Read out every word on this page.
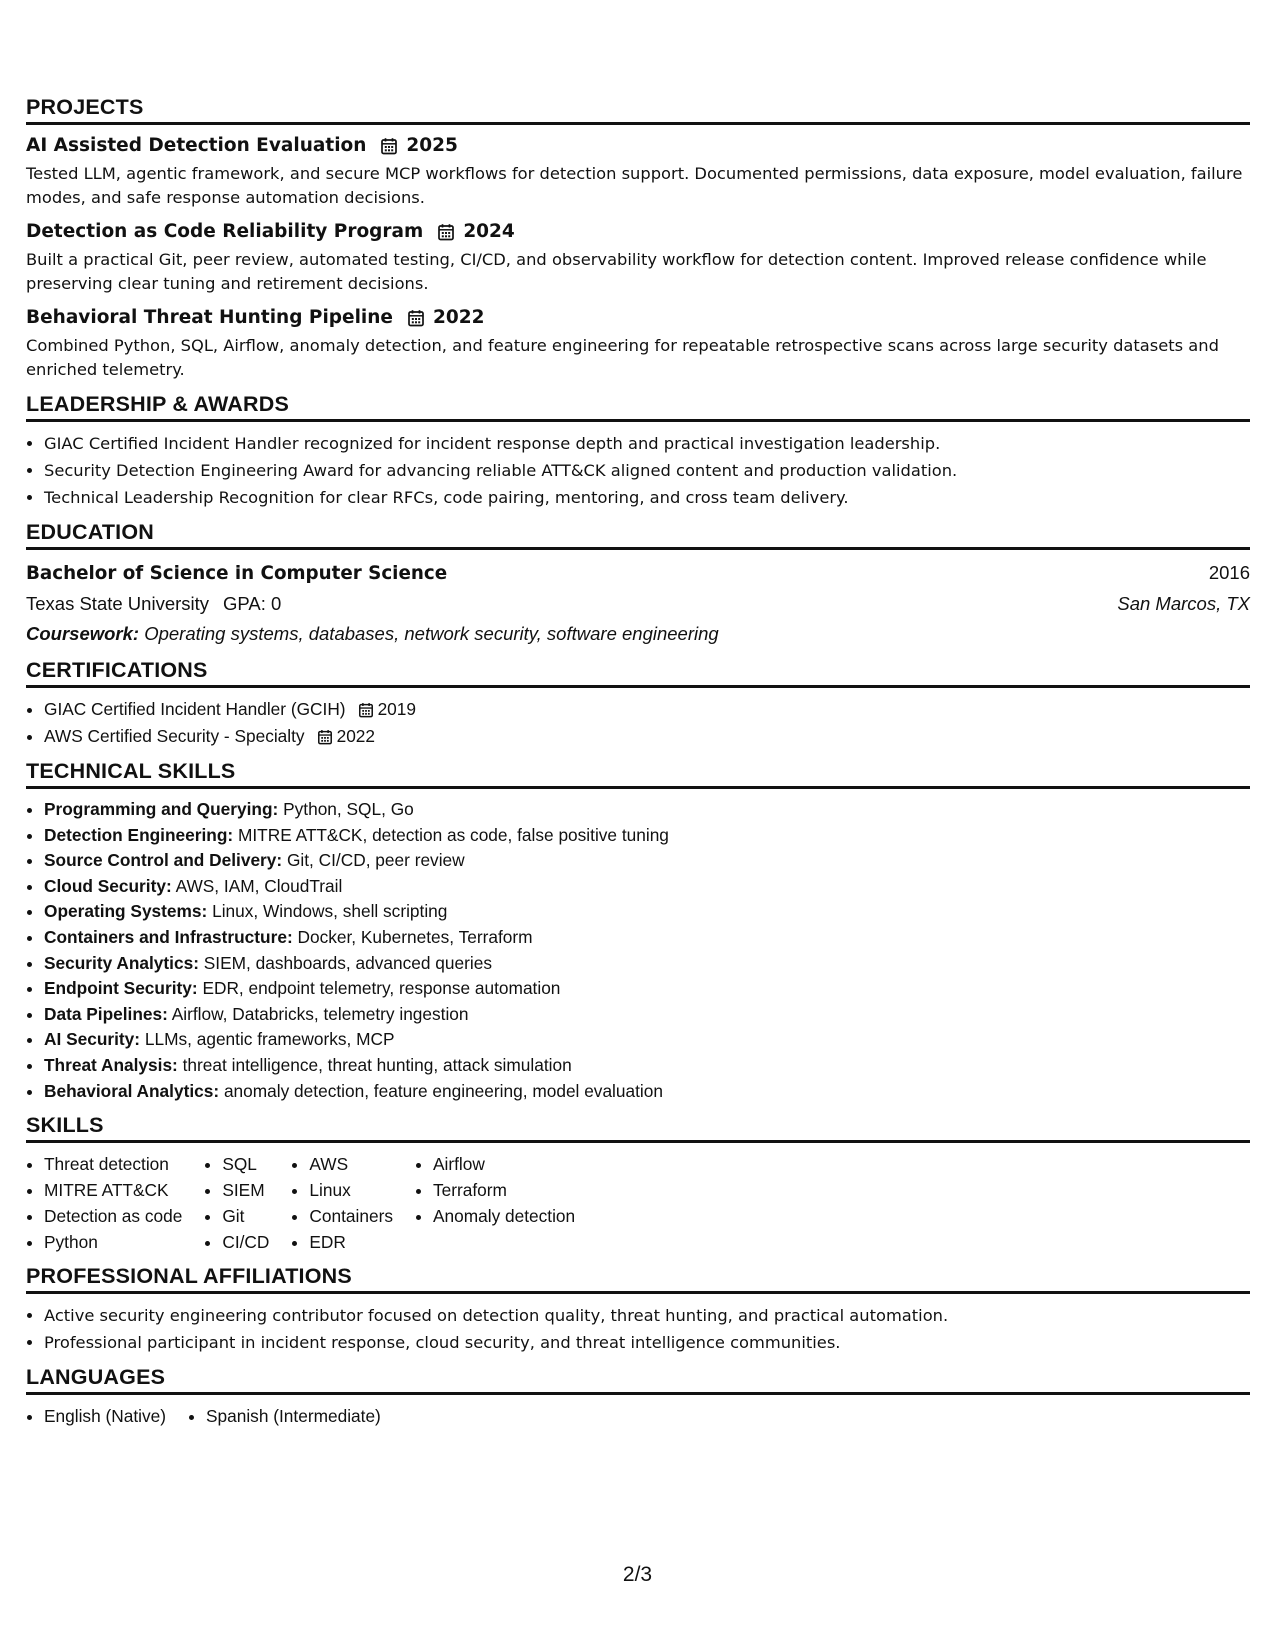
PROJECTS
AI Assisted Detection Evaluation 2025
Tested LLM, agentic framework, and secure MCP workflows for detection support. Documented permissions, data exposure, model evaluation, failure modes, and safe response automation decisions.
Detection as Code Reliability Program 2024
Built a practical Git, peer review, automated testing, CI/CD, and observability workflow for detection content. Improved release confidence while preserving clear tuning and retirement decisions.
Behavioral Threat Hunting Pipeline 2022
Combined Python, SQL, Airflow, anomaly detection, and feature engineering for repeatable retrospective scans across large security datasets and enriched telemetry.
LEADERSHIP & AWARDS
• GIAC Certified Incident Handler recognized for incident response depth and practical investigation leadership.
• Security Detection Engineering Award for advancing reliable ATT&CK aligned content and production validation.
• Technical Leadership Recognition for clear RFCs, code pairing, mentoring, and cross team delivery.
EDUCATION
Bachelor of Science in Computer Science	2016
Texas State University GPA: 0	San Marcos, TX
Coursework: Operating systems, databases, network security, software engineering
CERTIFICATIONS
• GIAC Certified Incident Handler (GCIH) 2019
• AWS Certified Security - Specialty 2022
TECHNICAL SKILLS
• Programming and Querying: Python, SQL, Go
• Detection Engineering: MITRE ATT&CK, detection as code, false positive tuning
• Source Control and Delivery: Git, CI/CD, peer review
• Cloud Security: AWS, IAM, CloudTrail
• Operating Systems: Linux, Windows, shell scripting
• Containers and Infrastructure: Docker, Kubernetes, Terraform
• Security Analytics: SIEM, dashboards, advanced queries
• Endpoint Security: EDR, endpoint telemetry, response automation
• Data Pipelines: Airflow, Databricks, telemetry ingestion
• AI Security: LLMs, agentic frameworks, MCP
• Threat Analysis: threat intelligence, threat hunting, attack simulation
• Behavioral Analytics: anomaly detection, feature engineering, model evaluation
SKILLS
• Threat detection
• MITRE ATT&CK
• Detection as code
• Python
• SQL
• SIEM
• Git
• CI/CD
• AWS
• Linux
• Containers
• EDR
• Airflow
• Terraform
• Anomaly detection
PROFESSIONAL AFFILIATIONS
• Active security engineering contributor focused on detection quality, threat hunting, and practical automation.
• Professional participant in incident response, cloud security, and threat intelligence communities.
LANGUAGES
• English (Native)
• Spanish (Intermediate)
2/3
